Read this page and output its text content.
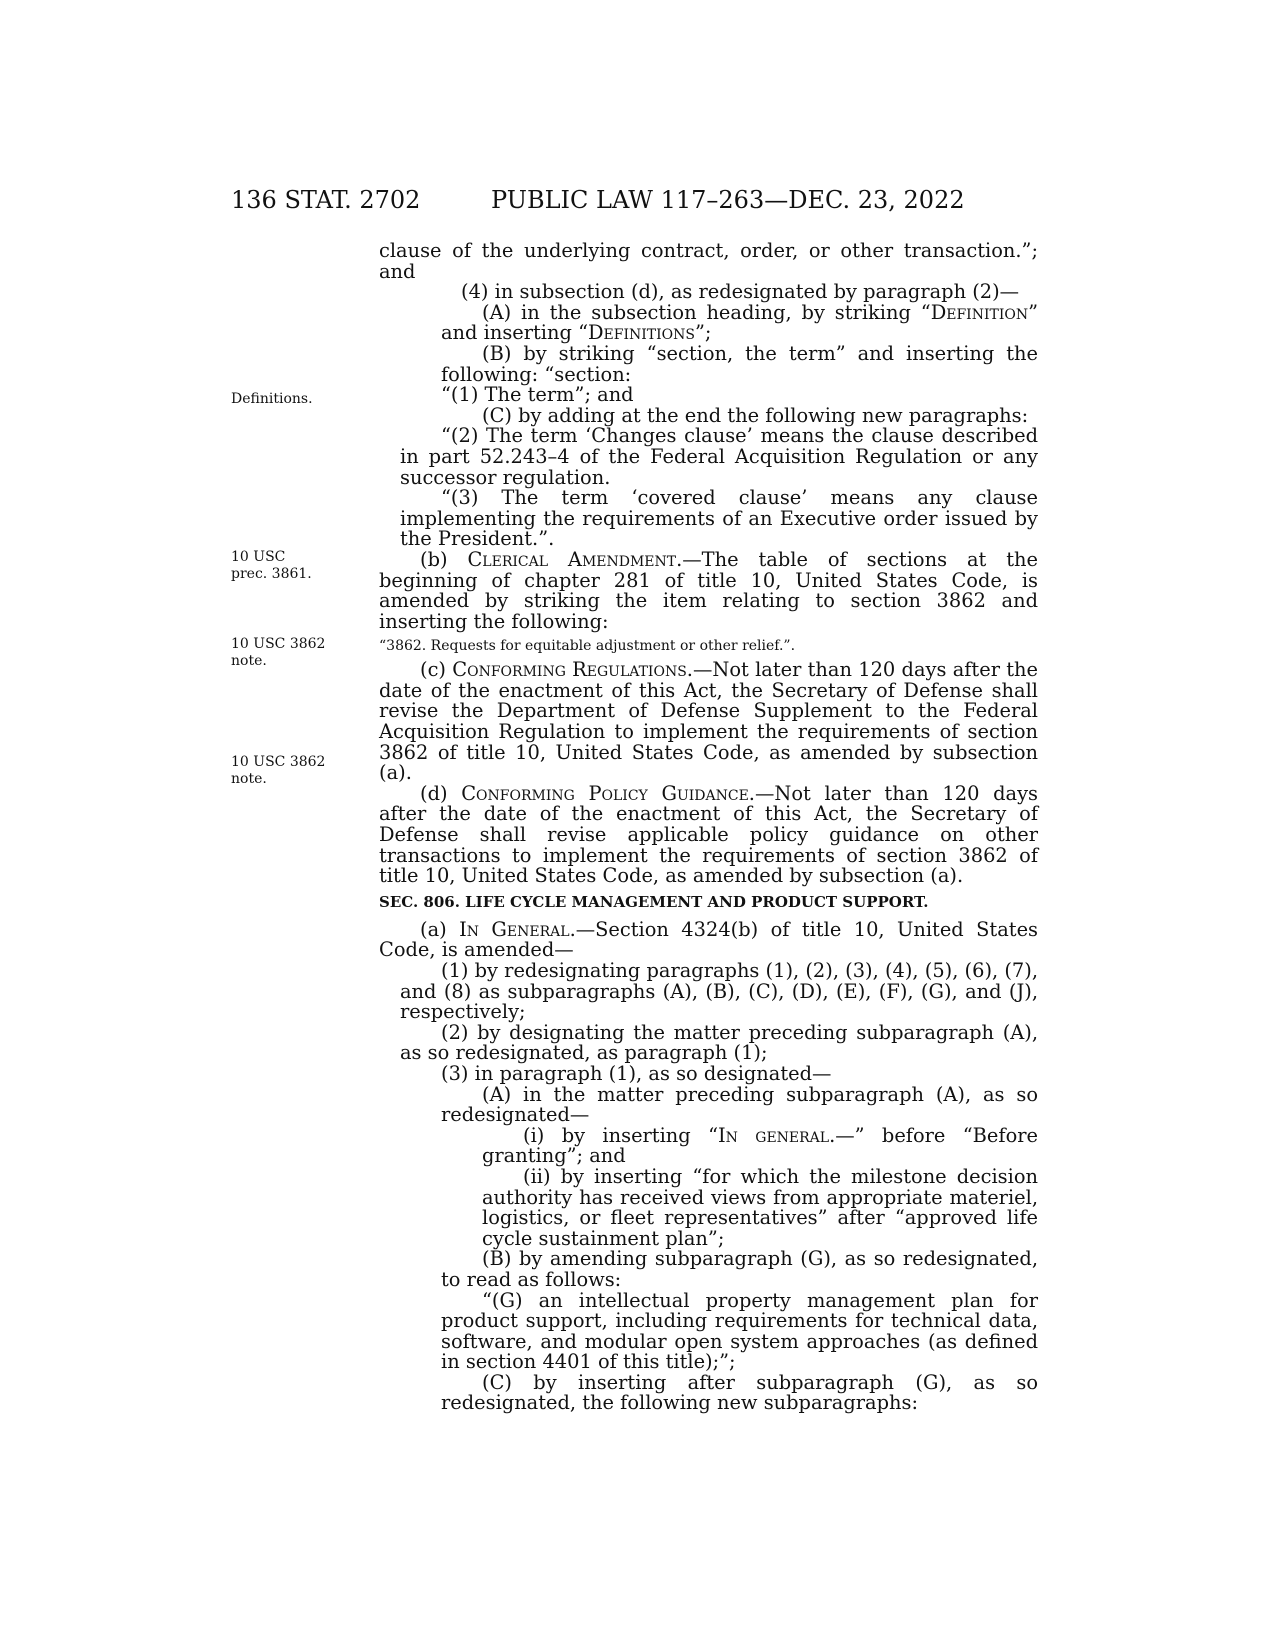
136 STAT. 2702	PUBLIC LAW 117–263—DEC. 23, 2022
Definitions.
10 USC
prec. 3861.
10 USC 3862
note.
10 USC 3862
note.

clause of the underlying contract, order, or other transaction.”; and

(4) in subsection (d), as redesignated by paragraph (2)—

(A) in the subsection heading, by striking “Definition” and inserting “Definitions”;

(B) by striking “section, the term” and inserting the following: “section:

“(1) The term”; and

(C) by adding at the end the following new paragraphs:

“(2) The term ‘Changes clause’ means the clause described in part 52.243–4 of the Federal Acquisition Regulation or any successor regulation.

“(3) The term ‘covered clause’ means any clause implementing the requirements of an Executive order issued by the President.”.

(b) Clerical Amendment.—The table of sections at the beginning of chapter 281 of title 10, United States Code, is amended by striking the item relating to section 3862 and inserting the following:

“3862. Requests for equitable adjustment or other relief.”.

(c) Conforming Regulations.—Not later than 120 days after the date of the enactment of this Act, the Secretary of Defense shall revise the Department of Defense Supplement to the Federal Acquisition Regulation to implement the requirements of section 3862 of title 10, United States Code, as amended by subsection (a).

(d) Conforming Policy Guidance.—Not later than 120 days after the date of the enactment of this Act, the Secretary of Defense shall revise applicable policy guidance on other transactions to implement the requirements of section 3862 of title 10, United States Code, as amended by subsection (a).

SEC. 806. LIFE CYCLE MANAGEMENT AND PRODUCT SUPPORT.

(a) In General.—Section 4324(b) of title 10, United States Code, is amended—

(1) by redesignating paragraphs (1), (2), (3), (4), (5), (6), (7), and (8) as subparagraphs (A), (B), (C), (D), (E), (F), (G), and (J), respectively;

(2) by designating the matter preceding subparagraph (A), as so redesignated, as paragraph (1);

(3) in paragraph (1), as so designated—

(A) in the matter preceding subparagraph (A), as so redesignated—

(i) by inserting “In general.—” before “Before granting”; and

(ii) by inserting “for which the milestone decision authority has received views from appropriate materiel, logistics, or fleet representatives” after “approved life cycle sustainment plan”;

(B) by amending subparagraph (G), as so redesignated, to read as follows:

“(G) an intellectual property management plan for product support, including requirements for technical data, software, and modular open system approaches (as defined in section 4401 of this title);”;

(C) by inserting after subparagraph (G), as so redesignated, the following new subparagraphs:
